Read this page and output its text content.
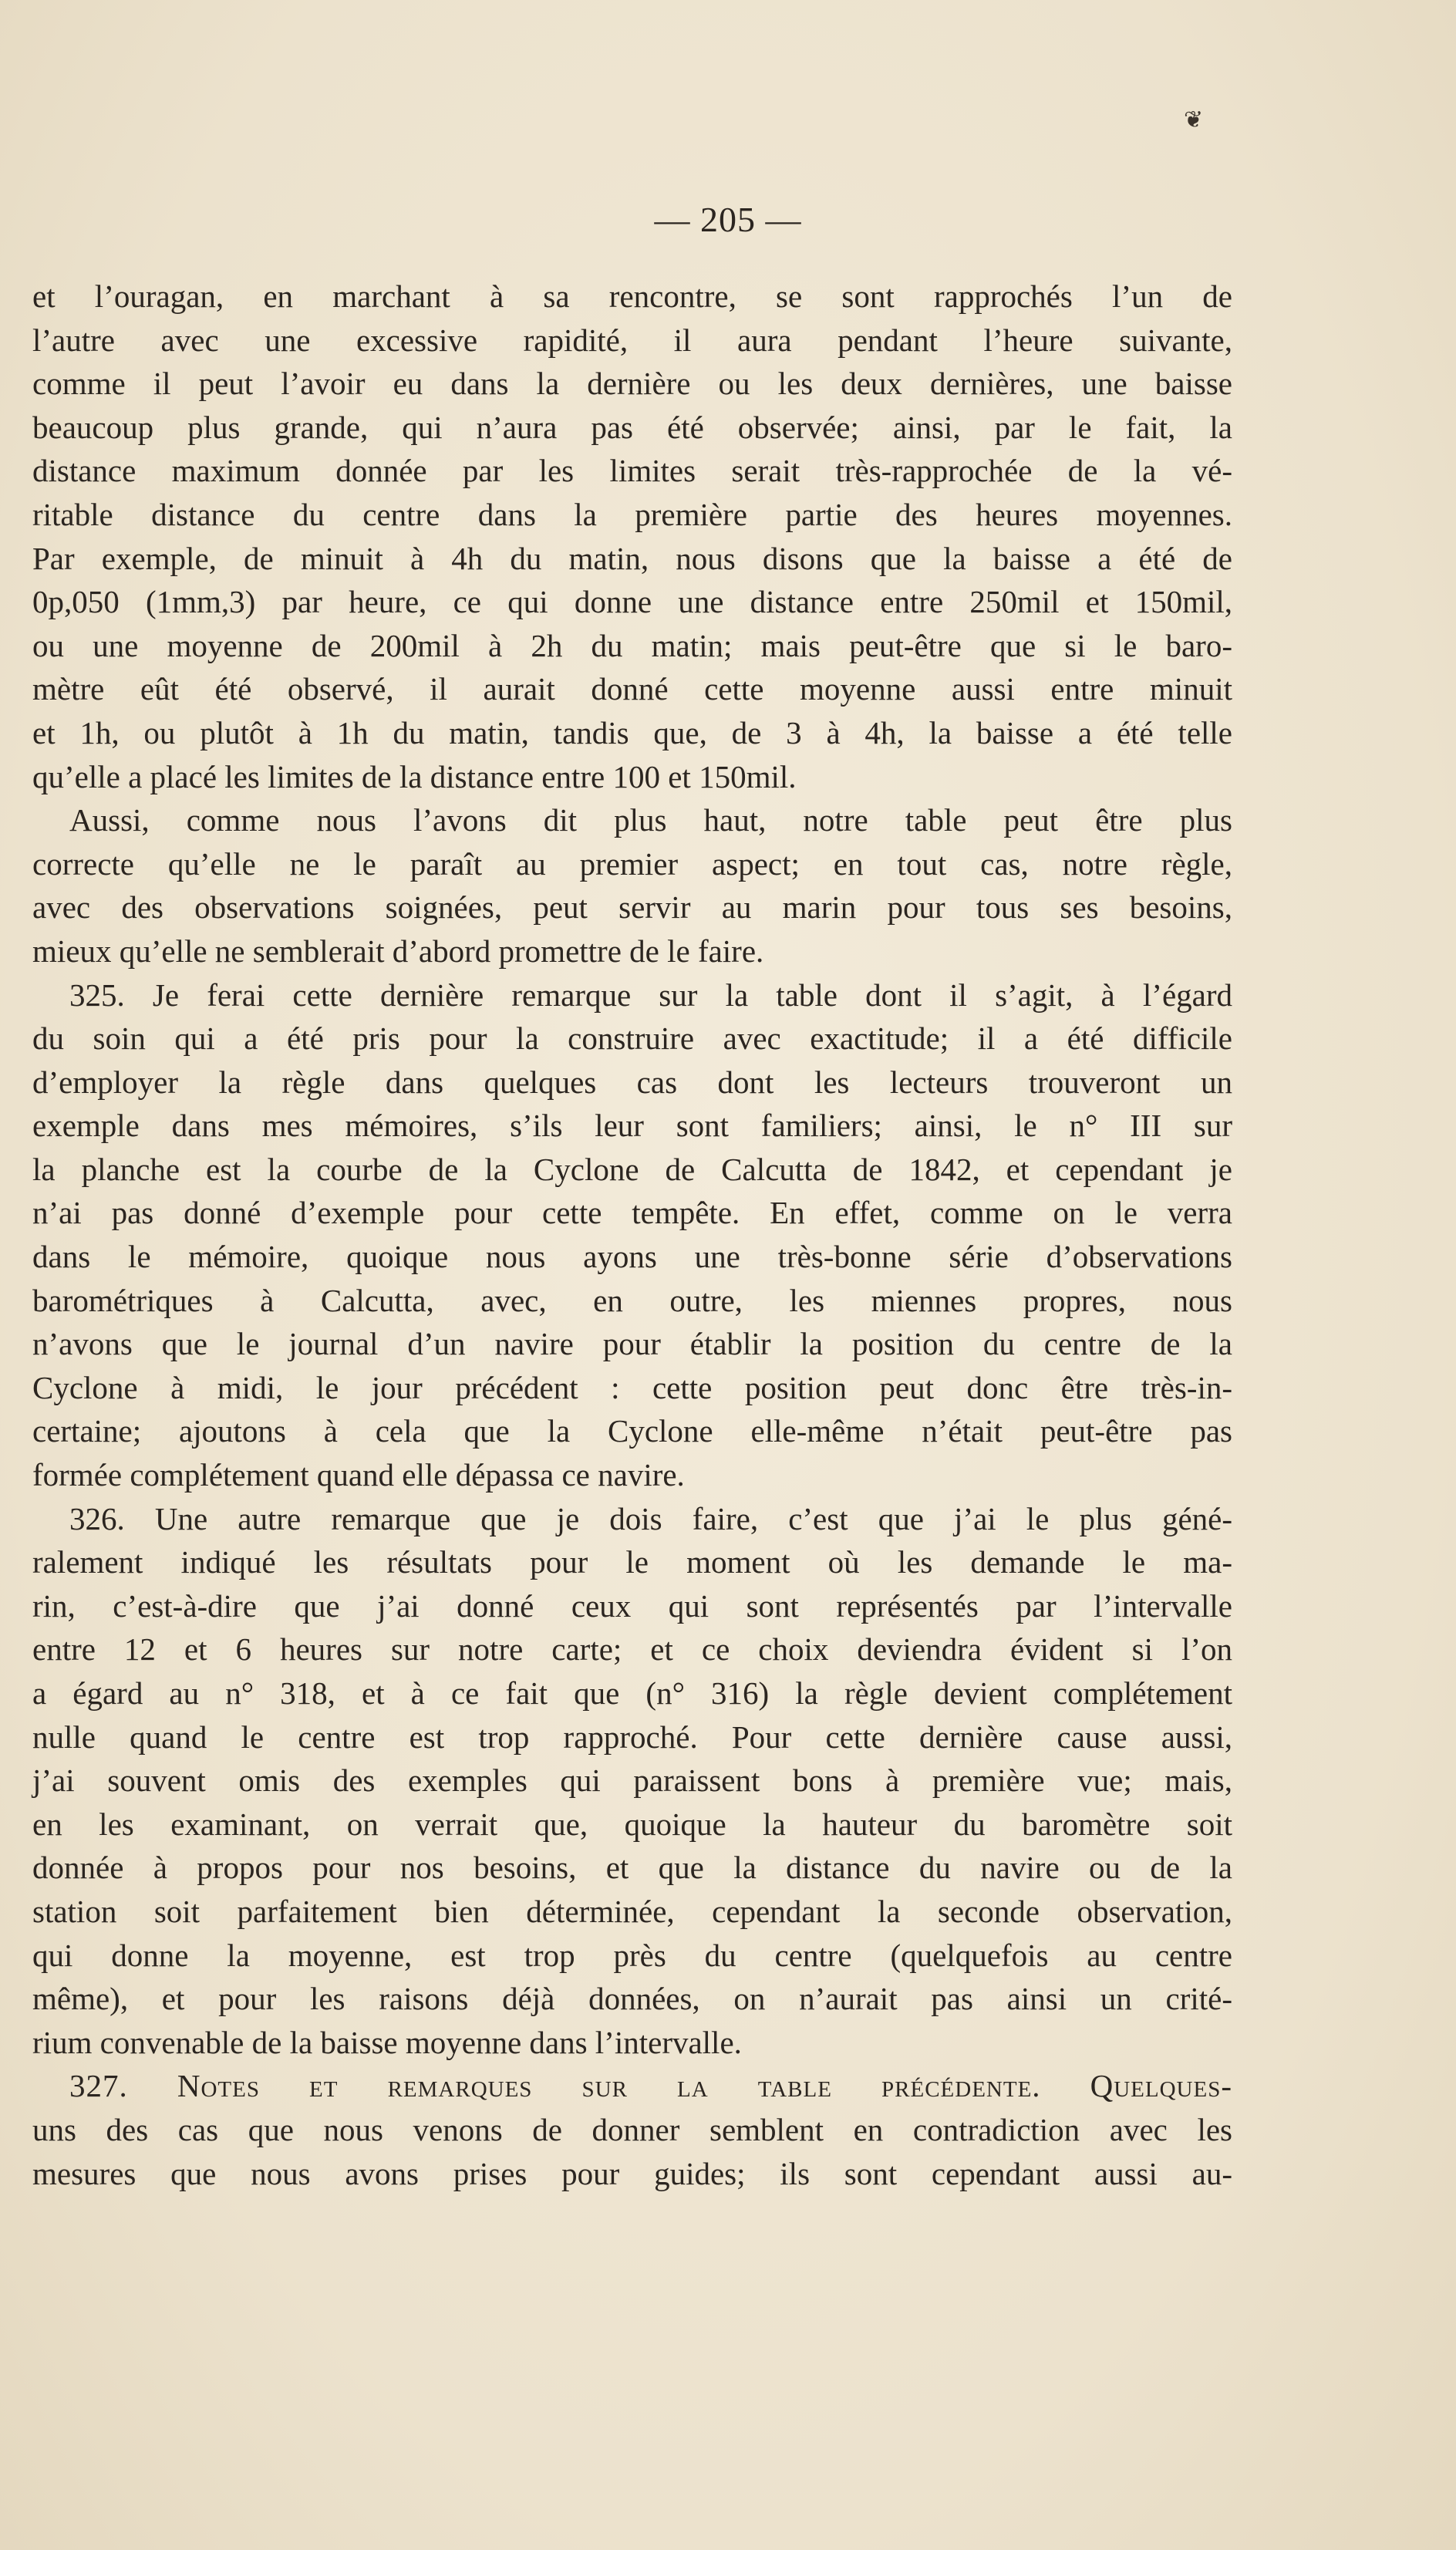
❦
— 205 —
et l’ouragan, en marchant à sa rencontre, se sont rapprochés l’un de
l’autre avec une excessive rapidité, il aura pendant l’heure suivante,
comme il peut l’avoir eu dans la dernière ou les deux dernières, une baisse
beaucoup plus grande, qui n’aura pas été observée; ainsi, par le fait, la
distance maximum donnée par les limites serait très-rapprochée de la vé-
ritable distance du centre dans la première partie des heures moyennes.
Par exemple, de minuit à 4h du matin, nous disons que la baisse a été de
0p,050 (1mm,3) par heure, ce qui donne une distance entre 250mil et 150mil,
ou une moyenne de 200mil à 2h du matin; mais peut-être que si le baro-
mètre eût été observé, il aurait donné cette moyenne aussi entre minuit
et 1h, ou plutôt à 1h du matin, tandis que, de 3 à 4h, la baisse a été telle
qu’elle a placé les limites de la distance entre 100 et 150mil.
Aussi, comme nous l’avons dit plus haut, notre table peut être plus
correcte qu’elle ne le paraît au premier aspect; en tout cas, notre règle,
avec des observations soignées, peut servir au marin pour tous ses besoins,
mieux qu’elle ne semblerait d’abord promettre de le faire.
325. Je ferai cette dernière remarque sur la table dont il s’agit, à l’égard
du soin qui a été pris pour la construire avec exactitude; il a été difficile
d’employer la règle dans quelques cas dont les lecteurs trouveront un
exemple dans mes mémoires, s’ils leur sont familiers; ainsi, le n° III sur
la planche est la courbe de la Cyclone de Calcutta de 1842, et cependant je
n’ai pas donné d’exemple pour cette tempête. En effet, comme on le verra
dans le mémoire, quoique nous ayons une très-bonne série d’observations
barométriques à Calcutta, avec, en outre, les miennes propres, nous
n’avons que le journal d’un navire pour établir la position du centre de la
Cyclone à midi, le jour précédent : cette position peut donc être très-in-
certaine; ajoutons à cela que la Cyclone elle-même n’était peut-être pas
formée complétement quand elle dépassa ce navire.
326. Une autre remarque que je dois faire, c’est que j’ai le plus géné-
ralement indiqué les résultats pour le moment où les demande le ma-
rin, c’est-à-dire que j’ai donné ceux qui sont représentés par l’intervalle
entre 12 et 6 heures sur notre carte; et ce choix deviendra évident si l’on
a égard au n° 318, et à ce fait que (n° 316) la règle devient complétement
nulle quand le centre est trop rapproché. Pour cette dernière cause aussi,
j’ai souvent omis des exemples qui paraissent bons à première vue; mais,
en les examinant, on verrait que, quoique la hauteur du baromètre soit
donnée à propos pour nos besoins, et que la distance du navire ou de la
station soit parfaitement bien déterminée, cependant la seconde observation,
qui donne la moyenne, est trop près du centre (quelquefois au centre
même), et pour les raisons déjà données, on n’aurait pas ainsi un crité-
rium convenable de la baisse moyenne dans l’intervalle.
327. Notes et remarques sur la table précédente. Quelques-
uns des cas que nous venons de donner semblent en contradiction avec les
mesures que nous avons prises pour guides; ils sont cependant aussi au-
